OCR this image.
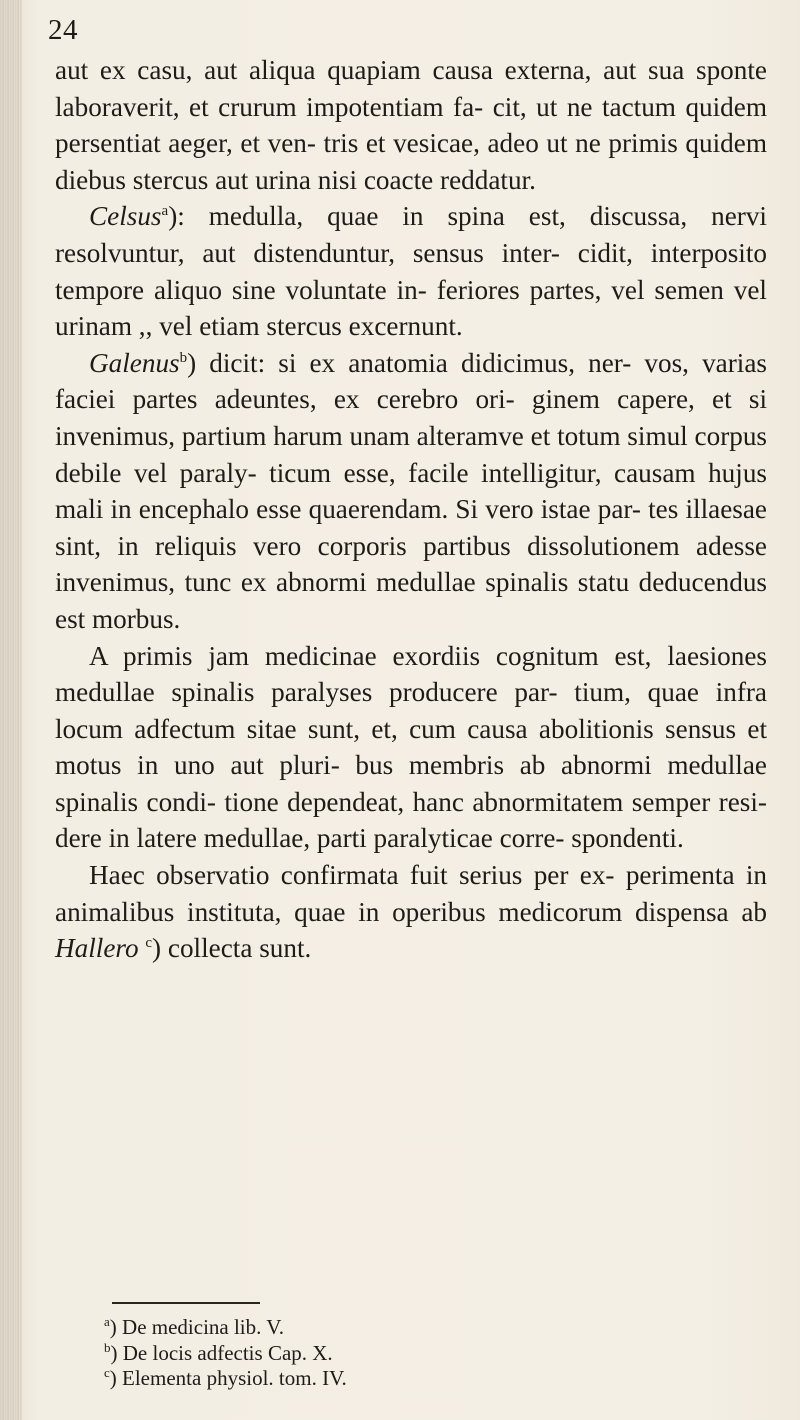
24

aut ex casu, aut aliqua quapiam causa externa, aut sua sponte laboraverit, et crurum impotentiam fa- cit, ut ne tactum quidem persentiat aeger, et ven- tris et vesicae, adeo ut ne primis quidem diebus stercus aut urina nisi coacte reddatur.

Celsus$^a$): medulla, quae in spina est, discussa, nervi resolvuntur, aut distenduntur, sensus inter- cidit, interposito tempore aliquo sine voluntate in- feriores partes, vel semen vel urinam ,, vel etiam stercus excernunt.

Galenus$^b$) dicit: si ex anatomia didicimus, ner- vos, varias faciei partes adeuntes, ex cerebro ori- ginem capere, et si invenimus, partium harum unam alteramve et totum simul corpus debile vel paraly- ticum esse, facile intelligitur, causam hujus mali in encephalo esse quaerendam. Si vero istae par- tes illaesae sint, in reliquis vero corporis partibus dissolutionem adesse invenimus, tunc ex abnormi medullae spinalis statu deducendus est morbus.

A primis jam medicinae exordiis cognitum est, laesiones medullae spinalis paralyses producere par- tium, quae infra locum adfectum sitae sunt, et, cum causa abolitionis sensus et motus in uno aut pluri- bus membris ab abnormi medullae spinalis condi- tione dependeat, hanc abnormitatem semper resi- dere in latere medullae, parti paralyticae corre- spondenti.

Haec observatio confirmata fuit serius per ex- perimenta in animalibus instituta, quae in operibus medicorum dispensa ab Hallero $^c$) collecta sunt.

$^a$) De medicina lib. V.
$^b$) De locis adfectis Cap. X.
$^c$) Elementa physiol. tom. IV.
